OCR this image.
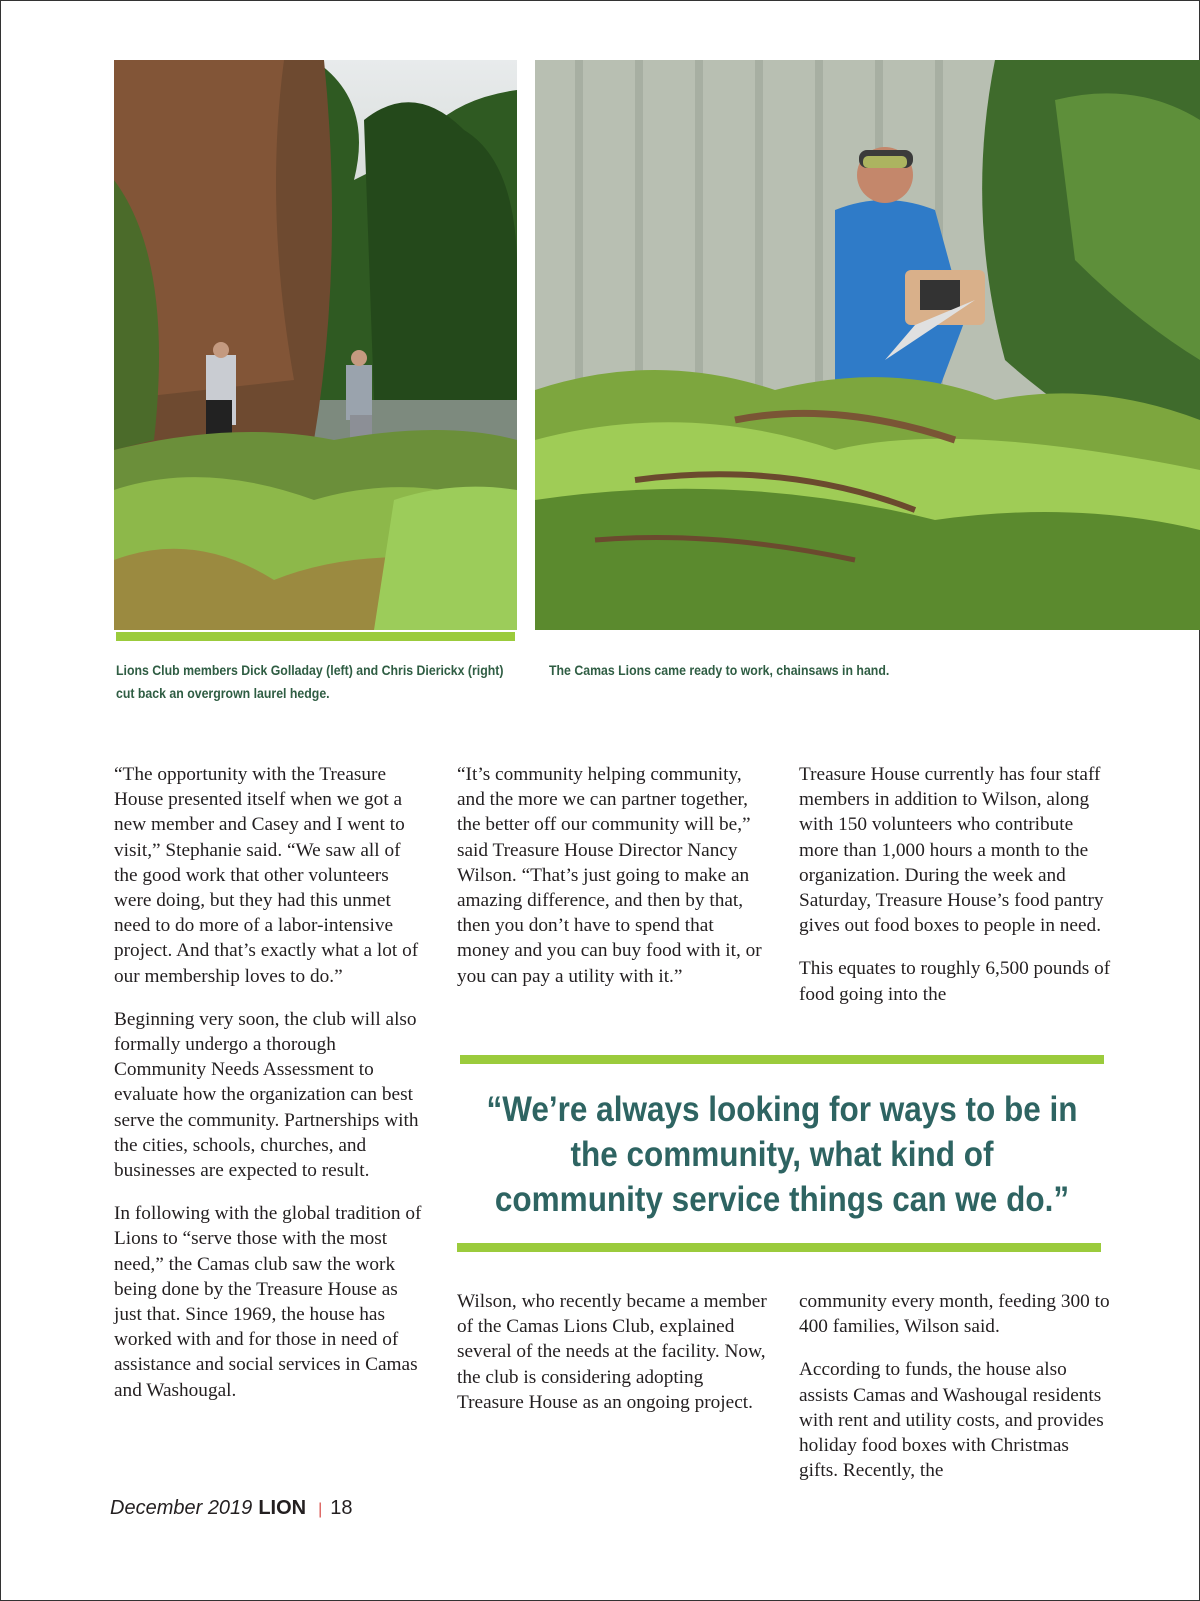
Lions Club members Dick Golladay (left) and Chris Dierickx (right) cut back an overgrown laurel hedge.
The Camas Lions came ready to work, chainsaws in hand.

“The opportunity with the Treasure House presented itself when we got a new member and Casey and I went to visit,” Stephanie said. “We saw all of the good work that other volunteers were doing, but they had this unmet need to do more of a labor-intensive project. And that’s exactly what a lot of our membership loves to do.”

Beginning very soon, the club will also formally undergo a thorough Community Needs Assessment to evaluate how the organization can best serve the community. Partnerships with the cities, schools, churches, and businesses are expected to result.

In following with the global tradition of Lions to “serve those with the most need,” the Camas club saw the work being done by the Treasure House as just that. Since 1969, the house has worked with and for those in need of assistance and social services in Camas and Washougal.

“It’s community helping community, and the more we can partner together, the better off our community will be,” said Treasure House Director Nancy Wilson. “That’s just going to make an amazing difference, and then by that, then you don’t have to spend that money and you can buy food with it, or you can pay a utility with it.”

Treasure House currently has four staff members in addition to Wilson, along with 150 volunteers who contribute more than 1,000 hours a month to the organization. During the week and Saturday, Treasure House’s food pantry gives out food boxes to people in need.

This equates to roughly 6,500 pounds of food going into the

“We’re always looking for ways to be in the community, what kind of community service things can we do.”

Wilson, who recently became a member of the Camas Lions Club, explained several of the needs at the facility. Now, the club is considering adopting Treasure House as an ongoing project.

community every month, feeding 300 to 400 families, Wilson said.

According to funds, the house also assists Camas and Washougal residents with rent and utility costs, and provides holiday food boxes with Christmas gifts. Recently, the

December 2019 LION | 18
